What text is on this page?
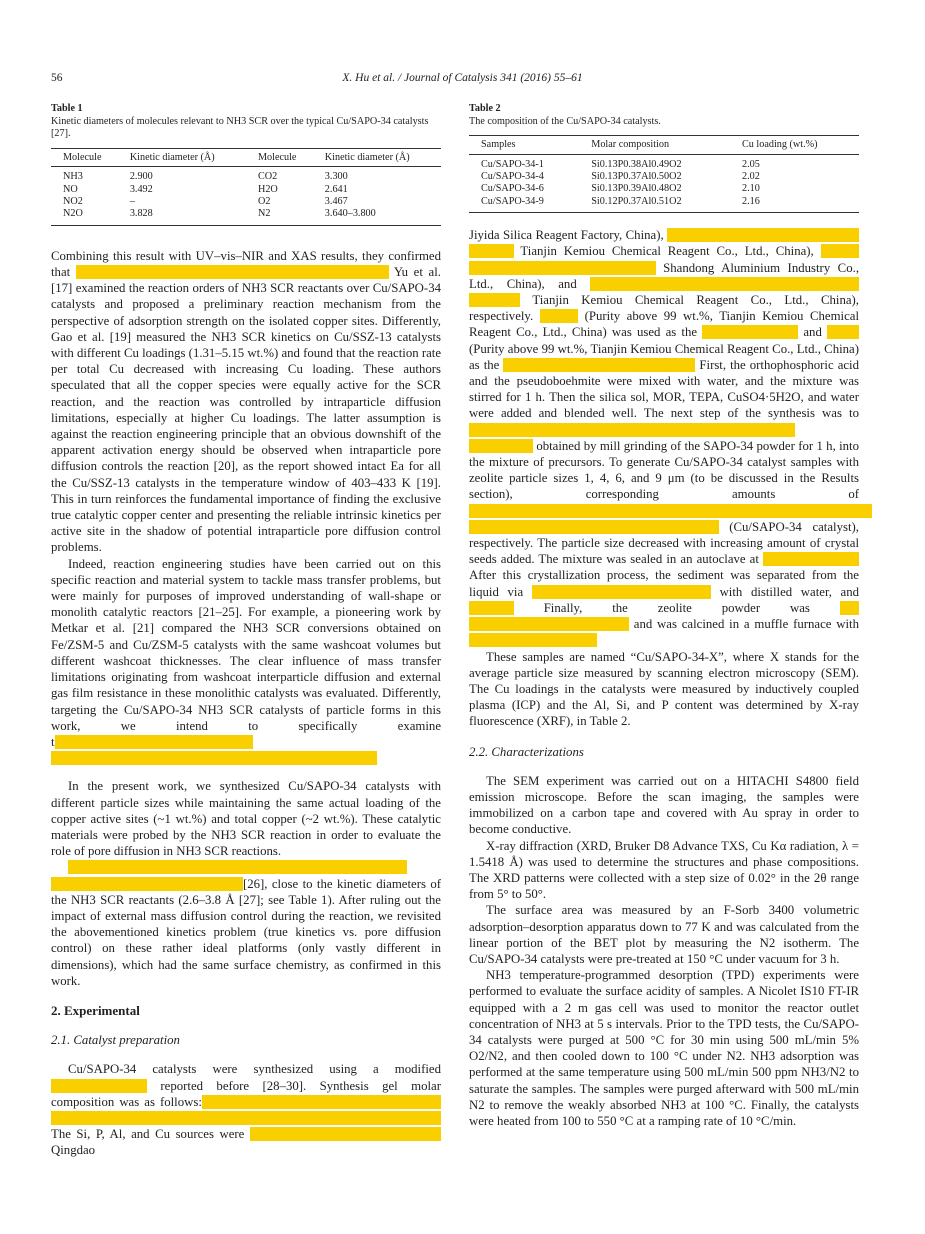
56	X. Hu et al. / Journal of Catalysis 341 (2016) 55–61
Table 1
Kinetic diameters of molecules relevant to NH3 SCR over the typical Cu/SAPO-34 catalysts [27].
Molecule	Kinetic diameter (Å)	Molecule	Kinetic diameter (Å)
NH3	2.900	CO2	3.300
NO	3.492	H2O	2.641
NO2	–	O2	3.467
N2O	3.828	N2	3.640–3.800

Combining this result with UV–vis–NIR and XAS results, they confirmed that __________________________________________ ______ Yu et al. [17] examined the reaction orders of NH3 SCR reactants over Cu/SAPO-34 catalysts and proposed a preliminary reaction mechanism from the perspective of adsorption strength on the isolated copper sites. Differently, Gao et al. [19] measured the NH3 SCR kinetics on Cu/SSZ-13 catalysts with different Cu loadings (1.31–5.15 wt.%) and found that the reaction rate per total Cu decreased with increasing Cu loading. These authors speculated that all the copper species were equally active for the SCR reaction, and the reaction was controlled by intraparticle diffusion limitations, especially at higher Cu loadings. The latter assumption is against the reaction engineering principle that an obvious downshift of the apparent activation energy should be observed when intraparticle pore diffusion controls the reaction [20], as the report showed intact Ea for all the Cu/SSZ-13 catalysts in the temperature window of 403–433 K [19]. This in turn reinforces the fundamental importance of finding the exclusive true catalytic copper center and presenting the reliable intrinsic kinetics per active site in the shadow of potential intraparticle pore diffusion control problems.

Indeed, reaction engineering studies have been carried out on this specific reaction and material system to tackle mass transfer problems, but were mainly for purposes of improved understanding of wall-shape or monolith catalytic reactors [21–25]. For example, a pioneering work by Metkar et al. [21] compared the NH3 SCR conversions obtained on Fe/ZSM-5 and Cu/ZSM-5 catalysts with the same washcoat volumes but different washcoat thicknesses. The clear influence of mass transfer limitations originating from washcoat interparticle diffusion and external gas film resistance in these monolithic catalysts was evaluated. Differently, targeting the Cu/SAPO-34 NH3 SCR catalysts of particle forms in this work, we intend to specifically examine t_______________________________ ___________________________________________________

In the present work, we synthesized Cu/SAPO-34 catalysts with different particle sizes while maintaining the same actual loading of the copper active sites (~1 wt.%) and total copper (~2 wt.%). These catalytic materials were probed by the NH3 SCR reaction in order to evaluate the role of pore diffusion in NH3 SCR reactions.

_____________________________________________________ ______________________________[26], close to the kinetic diameters of the NH3 SCR reactants (2.6–3.8 Å [27]; see Table 1). After ruling out the impact of external mass diffusion control during the reaction, we revisited the abovementioned kinetics problem (true kinetics vs. pore diffusion control) on these rather ideal platforms (only vastly different in dimensions), which had the same surface chemistry, as confirmed in this work.

2. Experimental
2.1. Catalyst preparation

Cu/SAPO-34 catalysts were synthesized using a modified _______________ reported before [28–30]. Synthesis gel molar composition was as follows:__ ________ ________ _________________ ______________________________________________________ ___ The Si, P, Al, and Cu sources were _________________________ ____ Qingdao

Table 2
The composition of the Cu/SAPO-34 catalysts.
Samples	Molar composition	Cu loading (wt.%)
Cu/SAPO-34-1	Si0.13P0.38Al0.49O2	2.05
Cu/SAPO-34-4	Si0.13P0.37Al0.50O2	2.02
Cu/SAPO-34-6	Si0.13P0.39Al0.48O2	2.10
Cu/SAPO-34-9	Si0.12P0.37Al0.51O2	2.16

Jiyida Silica Reagent Factory, China), ______________________________ _______ Tianjin Kemiou Chemical Reagent Co., Ltd., China), ______ ______________________ ______ Shandong Aluminium Industry Co., Ltd., China), and __________________________________________ ________ Tianjin Kemiou Chemical Reagent Co., Ltd., China), respectively. ______ (Purity above 99 wt.%, Tianjin Kemiou Chemical Reagent Co., Ltd., China) was used as the _______________ and _____ (Purity above 99 wt.%, Tianjin Kemiou Chemical Reagent Co., Ltd., China) as the ______________________________ First, the orthophosphoric acid and the pseudoboehmite were mixed with water, and the mixture was stirred for 1 h. Then the silica sol, MOR, TEPA, CuSO4·5H2O, and water were added and blended well. The next step of the synthesis was to ___________________________________________________ __________ obtained by mill grinding of the SAPO-34 powder for 1 h, into the mixture of precursors. To generate Cu/SAPO-34 catalyst samples with zeolite particle sizes 1, 4, 6, and 9 μm (to be discussed in the Results section), corresponding amounts of _______________________________________________________________ _______________________________________ (Cu/SAPO-34 catalyst), respectively. The particle size decreased with increasing amount of crystal seeds added. The mixture was sealed in an autoclave at _______________ After this crystallization process, the sediment was separated from the liquid via ____________________________ with distilled water, and _______ Finally, the zeolite powder was ___ _________________________ and was calcined in a muffle furnace with ____________________

These samples are named “Cu/SAPO-34-X”, where X stands for the average particle size measured by scanning electron microscopy (SEM). The Cu loadings in the catalysts were measured by inductively coupled plasma (ICP) and the Al, Si, and P content was determined by X-ray fluorescence (XRF), in Table 2.

2.2. Characterizations

The SEM experiment was carried out on a HITACHI S4800 field emission microscope. Before the scan imaging, the samples were immobilized on a carbon tape and covered with Au spray in order to become conductive.

X-ray diffraction (XRD, Bruker D8 Advance TXS, Cu Kα radiation, λ = 1.5418 Å) was used to determine the structures and phase compositions. The XRD patterns were collected with a step size of 0.02° in the 2θ range from 5° to 50°.

The surface area was measured by an F-Sorb 3400 volumetric adsorption–desorption apparatus down to 77 K and was calculated from the linear portion of the BET plot by measuring the N2 isotherm. The Cu/SAPO-34 catalysts were pre-treated at 150 °C under vacuum for 3 h.

NH3 temperature-programmed desorption (TPD) experiments were performed to evaluate the surface acidity of samples. A Nicolet IS10 FT-IR equipped with a 2 m gas cell was used to monitor the reactor outlet concentration of NH3 at 5 s intervals. Prior to the TPD tests, the Cu/SAPO-34 catalysts were purged at 500 °C for 30 min using 500 mL/min 5% O2/N2, and then cooled down to 100 °C under N2. NH3 adsorption was performed at the same temperature using 500 mL/min 500 ppm NH3/N2 to saturate the samples. The samples were purged afterward with 500 mL/min N2 to remove the weakly absorbed NH3 at 100 °C. Finally, the catalysts were heated from 100 to 550 °C at a ramping rate of 10 °C/min.
